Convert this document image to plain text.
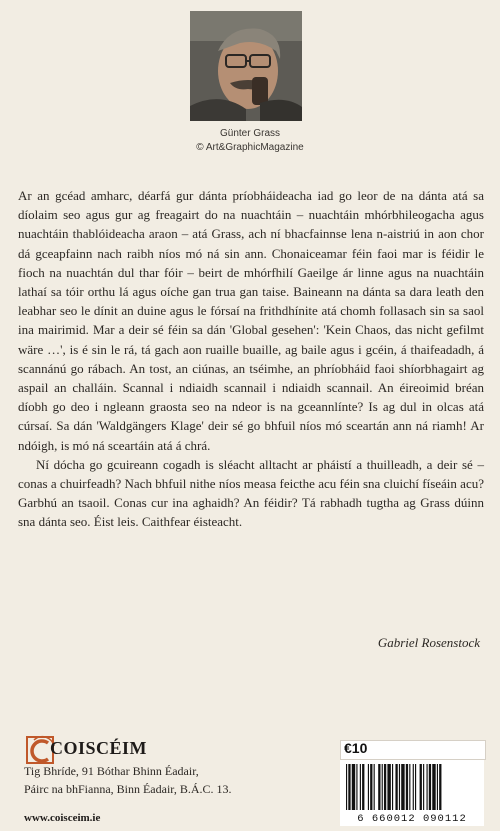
Günter Grass
© Art&GraphicMagazine

Ar an gcéad amharc, déarfá gur dánta príobháideacha iad go leor de na dánta atá sa díolaim seo agus gur ag freagairt do na nuachtáin – nuachtáin mhórbhileogacha agus nuachtáin thablóideacha araon – atá Grass, ach ní bhacfainnse lena n-aistriú in aon chor dá gceapfainn nach raibh níos mó ná sin ann. Chonaiceamar féin faoi mar is féidir le fioch na nuachtán dul thar fóir – beirt de mhórfhilí Gaeilge ár linne agus na nuachtáin lathaí sa tóir orthu lá agus oíche gan trua gan taise. Baineann na dánta sa dara leath den leabhar seo le dínit an duine agus le fórsaí na frithdhínite atá chomh follasach sin sa saol ina mairimid. Mar a deir sé féin sa dán 'Global gesehen': 'Kein Chaos, das nicht gefilmt wäre …', is é sin le rá, tá gach aon ruaille buaille, ag baile agus i gcéin, á thaifeadadh, á scannánú go rábach. An tost, an ciúnas, an tséimhe, an phríobháid faoi shíorbhagairt ag aspail an challáin. Scannal i ndiaidh scannail i ndiaidh scannail. An éireoimid bréan díobh go deo i ngleann graosta seo na ndeor is na gceannlínte? Is ag dul in olcas atá cúrsaí. Sa dán 'Waldgängers Klage' deir sé go bhfuil níos mó sceartán ann ná riamh! Ar ndóigh, is mó ná sceartáin atá á chrá.

Ní dócha go gcuireann cogadh is sléacht alltacht ar pháistí a thuilleadh, a deir sé – conas a chuirfeadh? Nach bhfuil nithe níos measa feicthe acu féin sna cluichí físeáin acu? Garbhú an tsaoil. Conas cur ina aghaidh? An féidir? Tá rabhadh tugtha ag Grass dúinn sna dánta seo. Éist leis. Caithfear éisteacht.

Gabriel Rosenstock
COISCÉIM
Tig Bhríde, 91 Bóthar Bhinn Éadair,
Páirc na bhFianna, Binn Éadair, B.Á.C. 13.
www.coisceim.ie
€10
6 660012 090112
